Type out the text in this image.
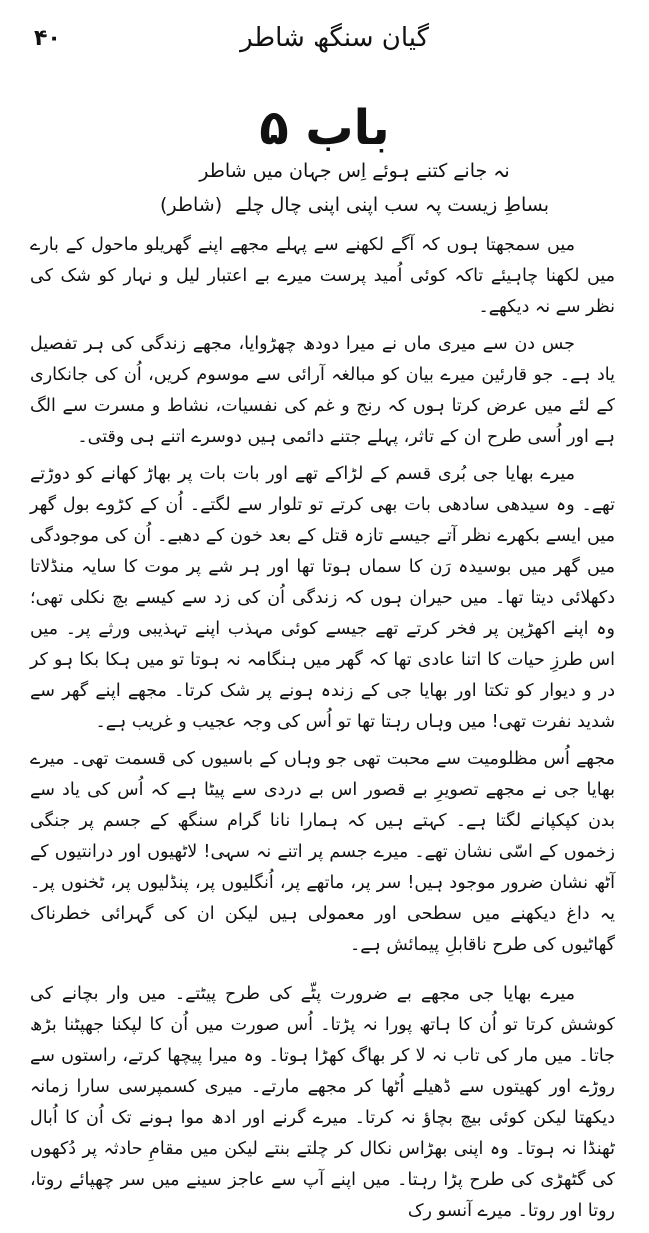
۴۰	گیان سنگھ شاطر
باب ۵
نہ جانے کتنے ہوئے اِس جہان میں شاطر
بساطِ زیست پہ سب اپنی اپنی چال چلے
(شاطر)

میں سمجھتا ہوں کہ آگے لکھنے سے پہلے مجھے اپنے گھریلو ماحول کے بارے میں لکھنا چاہیئے تاکہ کوئی اُمید پرست میرے بے اعتبار لیل و نہار کو شک کی نظر سے نہ دیکھے۔

جس دن سے میری ماں نے میرا دودھ چھڑوایا، مجھے زندگی کی ہر تفصیل یاد ہے۔ جو قارئین میرے بیان کو مبالغہ آرائی سے موسوم کریں، اُن کی جانکاری کے لئے میں عرض کرتا ہوں کہ رنج و غم کی نفسیات، نشاط و مسرت سے الگ ہے اور اُسی طرح ان کے تاثر، پہلے جتنے دائمی ہیں دوسرے اتنے ہی وقتی۔

میرے بھایا جی بُری قسم کے لڑاکے تھے اور بات بات پر بھاڑ کھانے کو دوڑتے تھے۔ وہ سیدھی سادھی بات بھی کرتے تو تلوار سے لگتے۔ اُن کے کڑوے بول گھر میں ایسے بکھرے نظر آتے جیسے تازہ قتل کے بعد خون کے دھبے۔ اُن کی موجودگی میں گھر میں بوسیدہ رَن کا سماں ہوتا تھا اور ہر شے پر موت کا سایہ منڈلاتا دکھلائی دیتا تھا۔ میں حیران ہوں کہ زندگی اُن کی زد سے کیسے بچ نکلی تھی؛ وہ اپنے اکھڑپن پر فخر کرتے تھے جیسے کوئی مہذب اپنے تہذیبی ورثے پر۔ میں اس طرزِ حیات کا اتنا عادی تھا کہ گھر میں ہنگامہ نہ ہوتا تو میں ہکا بکا ہو کر در و دیوار کو تکتا اور بھایا جی کے زندہ ہونے پر شک کرتا۔ مجھے اپنے گھر سے شدید نفرت تھی! میں وہاں رہتا تھا تو اُس کی وجہ عجیب و غریب ہے۔

مجھے اُس مظلومیت سے محبت تھی جو وہاں کے باسیوں کی قسمت تھی۔ میرے بھایا جی نے مجھے تصویرِ بے قصور اس بے دردی سے پیٹا ہے کہ اُس کی یاد سے بدن کپکپانے لگتا ہے۔ کہتے ہیں کہ ہمارا نانا گرام سنگھ کے جسم پر جنگی زخموں کے اسّی نشان تھے۔ میرے جسم پر اتنے نہ سہی! لاٹھیوں اور درانتیوں کے آٹھ نشان ضرور موجود ہیں! سر پر، ماتھے پر، اُنگلیوں پر، پنڈلیوں پر، ٹخنوں پر۔ یہ داغ دیکھنے میں سطحی اور معمولی ہیں لیکن ان کی گہرائی خطرناک گھاٹیوں کی طرح ناقابلِ پیمائش ہے۔

میرے بھایا جی مجھے بے ضرورت پٹّے کی طرح پیٹتے۔ میں وار بچانے کی کوشش کرتا تو اُن کا ہاتھ پورا نہ پڑتا۔ اُس صورت میں اُن کا لپکنا جھپٹنا بڑھ جاتا۔ میں مار کی تاب نہ لا کر بھاگ کھڑا ہوتا۔ وہ میرا پیچھا کرتے، راستوں سے روڑے اور کھیتوں سے ڈھیلے اُٹھا کر مجھے مارتے۔ میری کسمپرسی سارا زمانہ دیکھتا لیکن کوئی بیچ بچاؤ نہ کرتا۔ میرے گرنے اور ادھ موا ہونے تک اُن کا اُبال ٹھنڈا نہ ہوتا۔ وہ اپنی بھڑاس نکال کر چلتے بنتے لیکن میں مقامِ حادثہ پر دُکھوں کی گٹھڑی کی طرح پڑا رہتا۔ میں اپنے آپ سے عاجز سینے میں سر چھپائے روتا، روتا اور روتا۔ میرے آنسو رک
